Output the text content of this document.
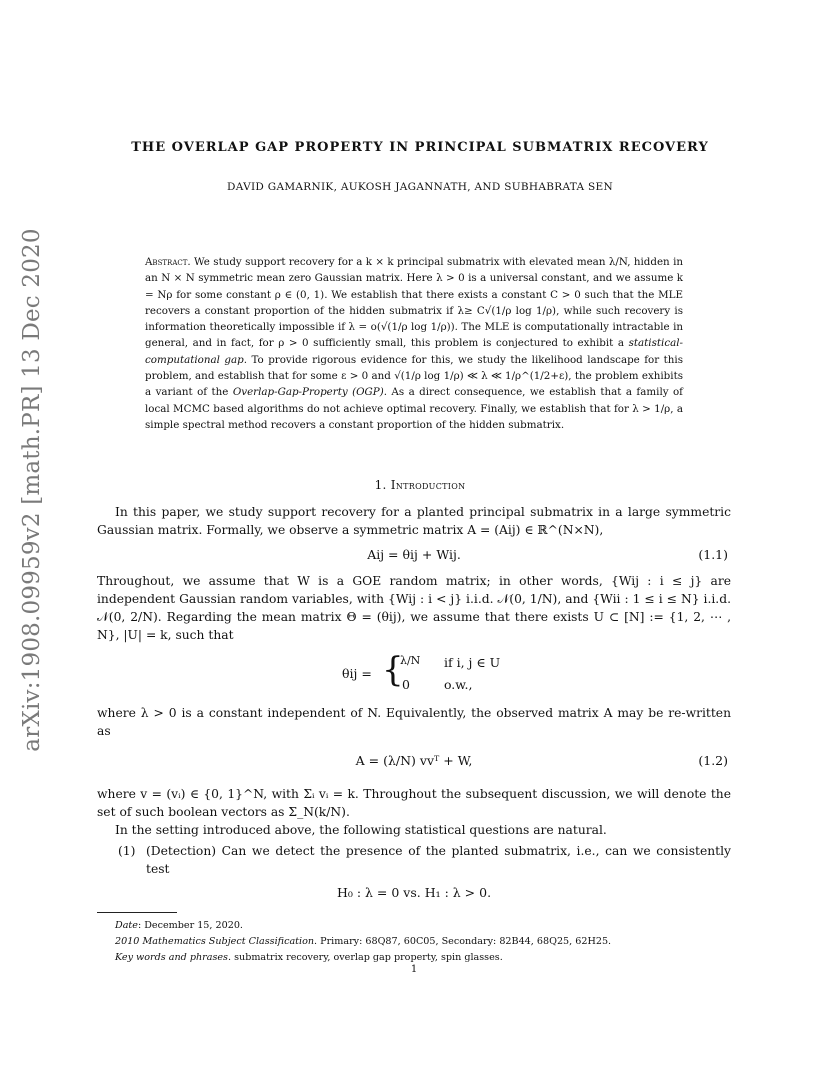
arXiv:1908.09959v2 [math.PR] 13 Dec 2020
THE OVERLAP GAP PROPERTY IN PRINCIPAL SUBMATRIX RECOVERY
DAVID GAMARNIK, AUKOSH JAGANNATH, AND SUBHABRATA SEN
Abstract. We study support recovery for a k × k principal submatrix with elevated mean λ/N, hidden in an N × N symmetric mean zero Gaussian matrix. Here λ > 0 is a universal constant, and we assume k = Nρ for some constant ρ ∈ (0, 1). We establish that there exists a constant C > 0 such that the MLE recovers a constant proportion of the hidden submatrix if λ≥ C√(1/ρ log 1/ρ), while such recovery is information theoretically impossible if λ = o(√(1/ρ log 1/ρ)). The MLE is computationally intractable in general, and in fact, for ρ > 0 sufficiently small, this problem is conjectured to exhibit a statistical-computational gap. To provide rigorous evidence for this, we study the likelihood landscape for this problem, and establish that for some ε > 0 and √(1/ρ log 1/ρ) ≪ λ ≪ 1/ρ^(1/2+ε), the problem exhibits a variant of the Overlap-Gap-Property (OGP). As a direct consequence, we establish that a family of local MCMC based algorithms do not achieve optimal recovery. Finally, we establish that for λ > 1/ρ, a simple spectral method recovers a constant proportion of the hidden submatrix.
1. Introduction
In this paper, we study support recovery for a planted principal submatrix in a large symmetric Gaussian matrix. Formally, we observe a symmetric matrix A = (Aij) ∈ ℝ^(N×N),
Aij = θij + Wij.	(1.1)
Throughout, we assume that W is a GOE random matrix; in other words, {Wij : i ≤ j} are independent Gaussian random variables, with {Wij : i < j} i.i.d. 𝒩(0, 1/N), and {Wii : 1 ≤ i ≤ N} i.i.d. 𝒩(0, 2/N). Regarding the mean matrix Θ = (θij), we assume that there exists U ⊂ [N] := {1, 2, ⋯ , N}, |U| = k, such that
θij = {
λ/N if i, j ∈ U
0	o.w.,
where λ > 0 is a constant independent of N. Equivalently, the observed matrix A may be re-written as
A = (λ/N) vvᵀ + W,	(1.2)
where v = (vᵢ) ∈ {0, 1}^N, with Σᵢ vᵢ = k. Throughout the subsequent discussion, we will denote the set of such boolean vectors as Σ_N(k/N).
In the setting introduced above, the following statistical questions are natural.
(1) (Detection) Can we detect the presence of the planted submatrix, i.e., can we consistently test

H₀ : λ = 0 vs. H₁ : λ > 0.

Date: December 15, 2020.

2010 Mathematics Subject Classification. Primary: 68Q87, 60C05, Secondary: 82B44, 68Q25, 62H25.

Key words and phrases. submatrix recovery, overlap gap property, spin glasses.

1
